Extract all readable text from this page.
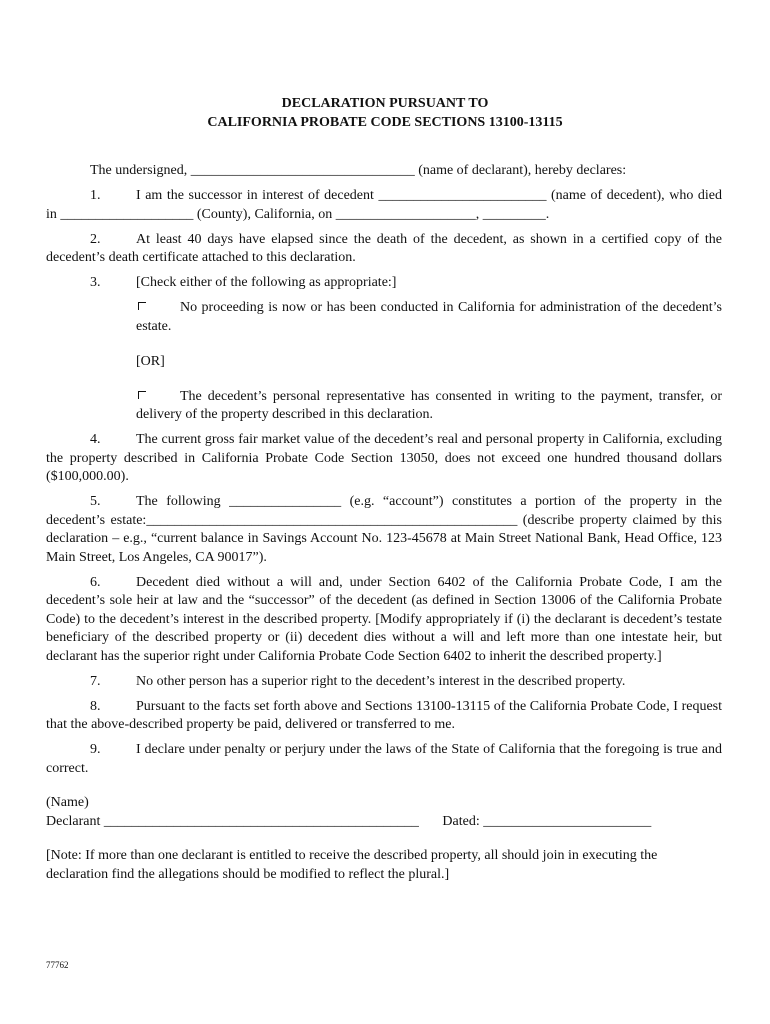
DECLARATION PURSUANT TO
CALIFORNIA PROBATE CODE SECTIONS 13100-13115

The undersigned, ________________________________ (name of declarant), hereby declares:

1.	I am the successor in interest of decedent ________________________ (name of decedent), who died in ___________________ (County), California, on ____________________, _________.

2.	At least 40 days have elapsed since the death of the decedent, as shown in a certified copy of the decedent’s death certificate attached to this declaration.

3.	[Check either of the following as appropriate:]

No proceeding is now or has been conducted in California for administration of the decedent’s estate.
[OR]
The decedent’s personal representative has consented in writing to the payment, transfer, or delivery of the property described in this declaration.

4.	The current gross fair market value of the decedent’s real and personal property in California, excluding the property described in California Probate Code Section 13050, does not exceed one hundred thousand dollars ($100,000.00).

5.	The following ________________ (e.g. “account”) constitutes a portion of the property in the decedent’s estate:_____________________________________________________ (describe property claimed by this declaration – e.g., “current balance in Savings Account No. 123-45678 at Main Street National Bank, Head Office, 123 Main Street, Los Angeles, CA 90017”).

6.	Decedent died without a will and, under Section 6402 of the California Probate Code, I am the decedent’s sole heir at law and the “successor” of the decedent (as defined in Section 13006 of the California Probate Code) to the decedent’s interest in the described property. [Modify appropriately if (i) the declarant is decedent’s testate beneficiary of the described property or (ii) decedent dies without a will and left more than one intestate heir, but declarant has the superior right under California Probate Code Section 6402 to inherit the described property.]

7.	No other person has a superior right to the decedent’s interest in the described property.

8.	Pursuant to the facts set forth above and Sections 13100-13115 of the California Probate Code, I request that the above-described property be paid, delivered or transferred to me.

9.	I declare under penalty or perjury under the laws of the State of California that the foregoing is true and correct.

(Name)
Declarant _____________________________________________ Dated: ________________________

[Note: If more than one declarant is entitled to receive the described property, all should join in executing the declaration find the allegations should be modified to reflect the plural.]

77762
